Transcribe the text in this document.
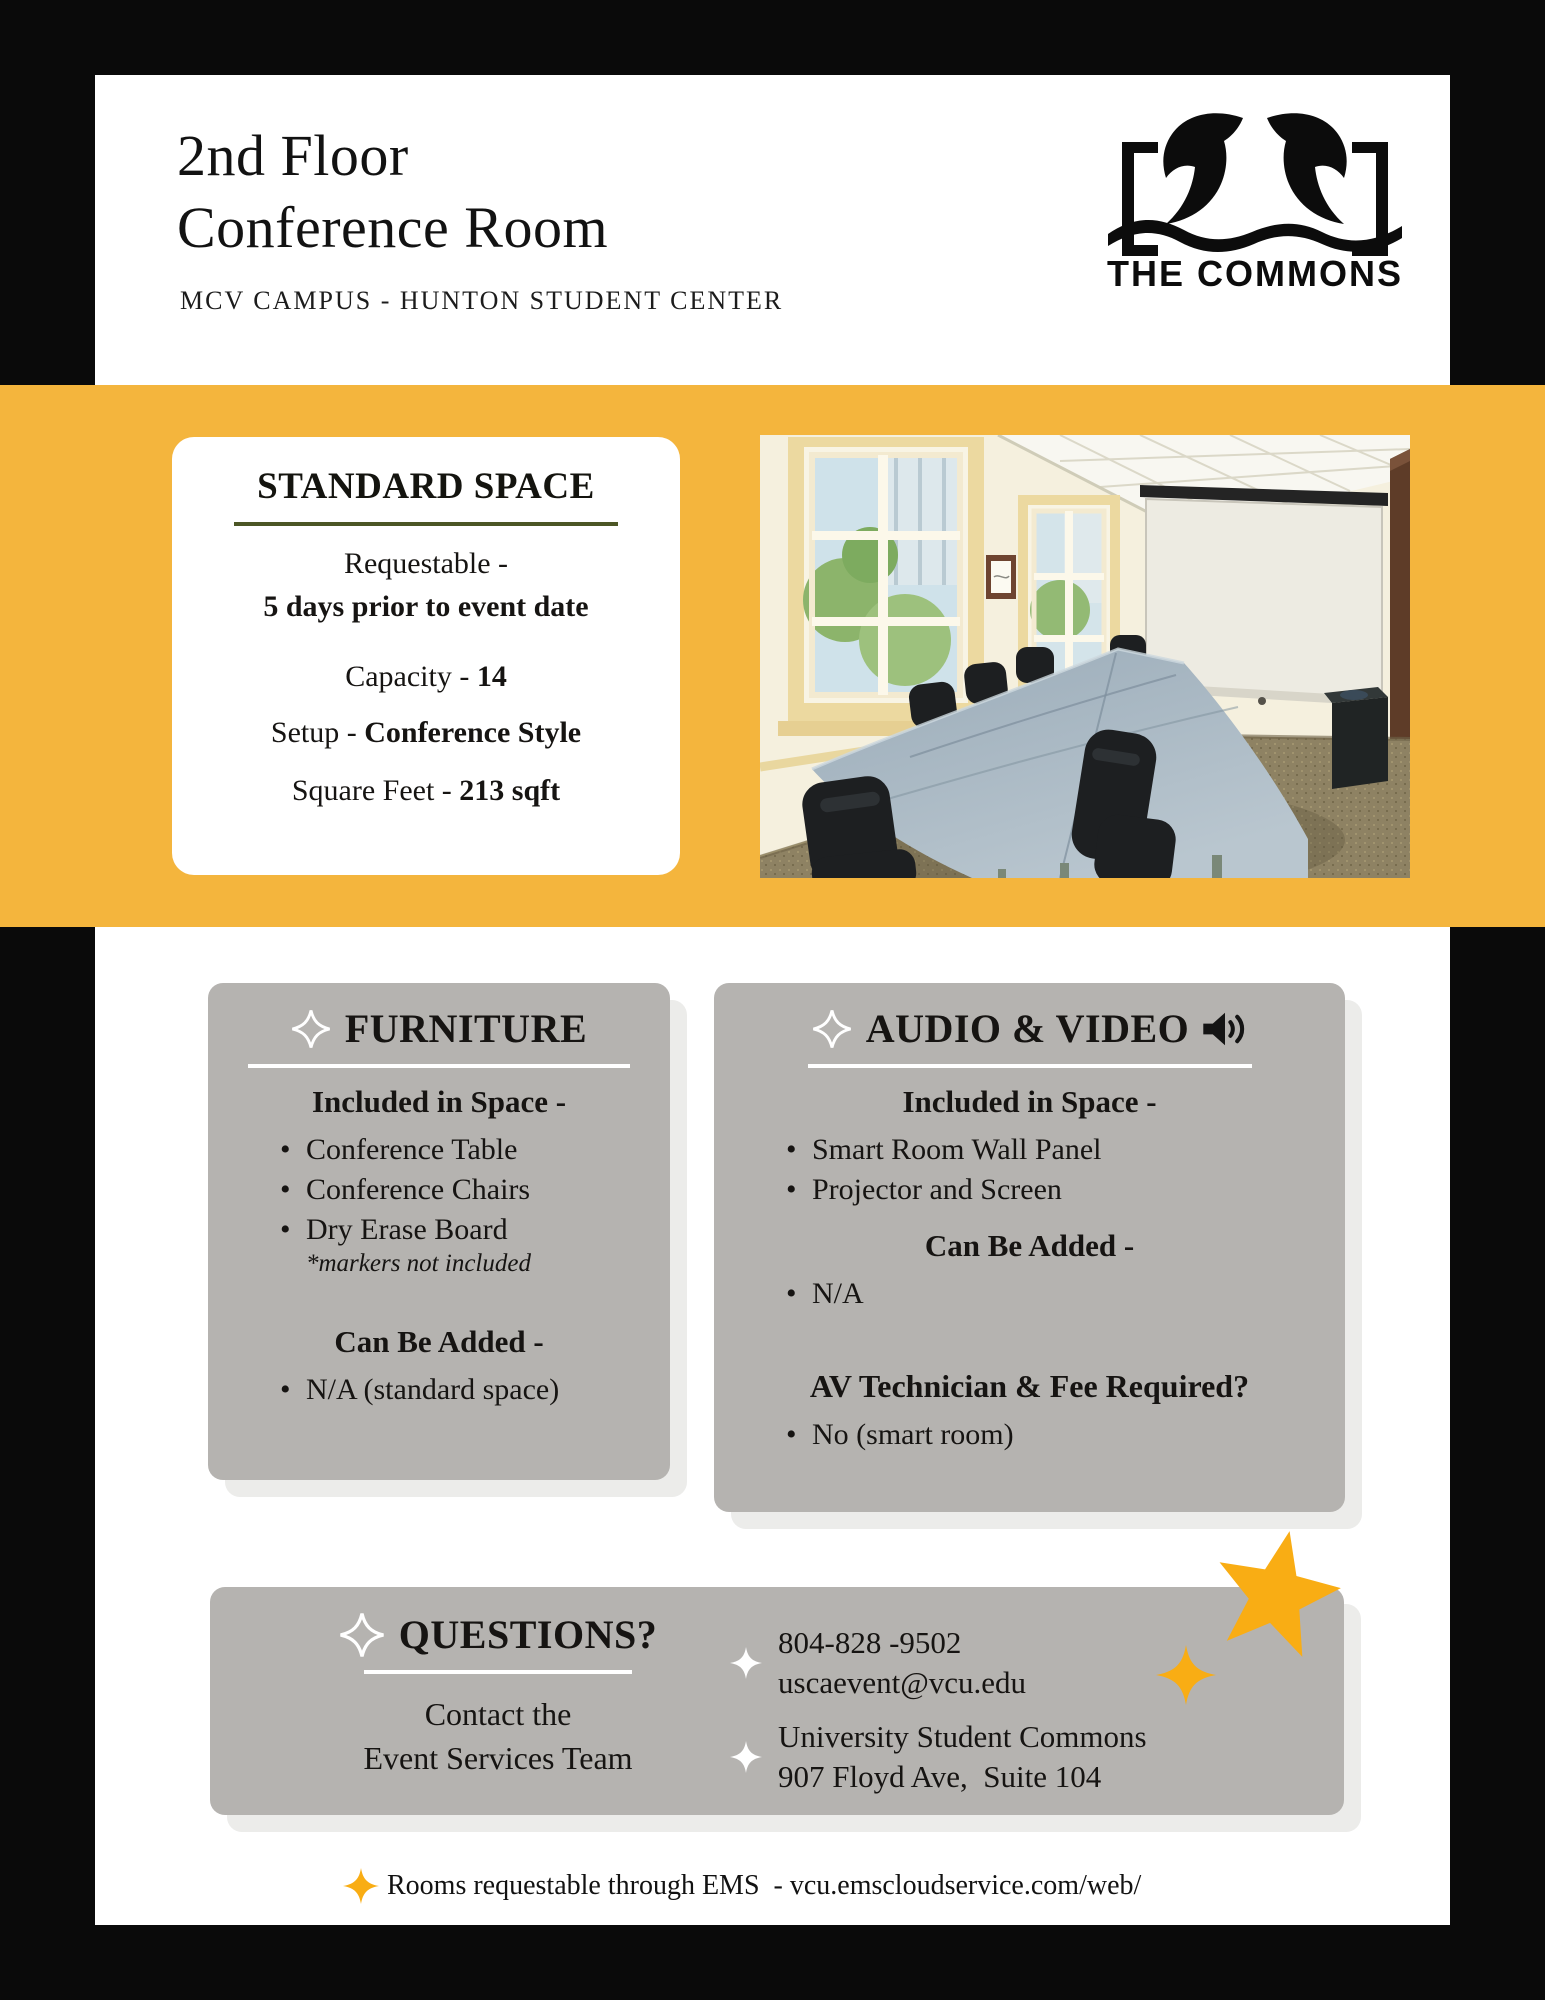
2nd Floor
Conference Room
MCV CAMPUS - HUNTON STUDENT CENTER
THE COMMONS
STANDARD SPACE
Requestable -
5 days prior to event date
Capacity - 14
Setup - Conference Style
Square Feet - 213 sqft
FURNITURE
Included in Space -
• Conference Table
• Conference Chairs
• Dry Erase Board
*markers not included
Can Be Added -
• N/A (standard space)
AUDIO & VIDEO
Included in Space -
• Smart Room Wall Panel
• Projector and Screen
Can Be Added -
• N/A
AV Technician & Fee Required?
• No (smart room)
QUESTIONS?
Contact the
Event Services Team
804-828 -9502
uscaevent@vcu.edu
University Student Commons
907 Floyd Ave,  Suite 104
Rooms requestable through EMS  - vcu.emscloudservice.com/web/
